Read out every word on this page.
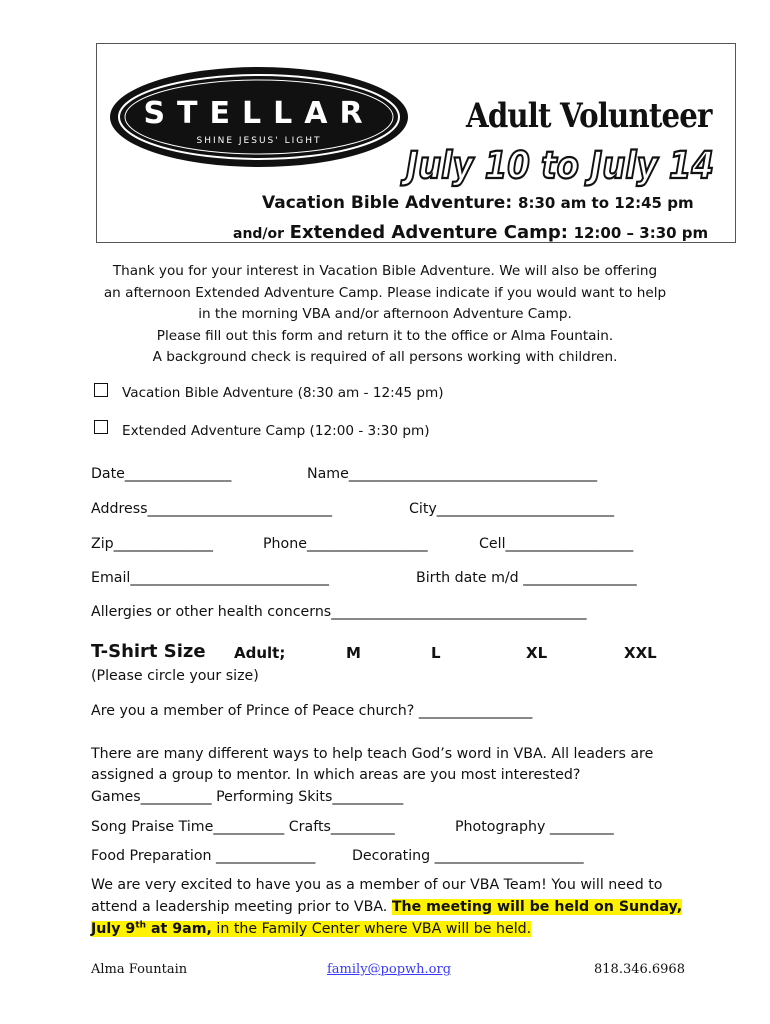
STELLAR
SHINE JESUS' LIGHT
Adult Volunteer
July 10 to July 14
Vacation Bible Adventure: 8:30 am to 12:45 pm
and/or Extended Adventure Camp: 12:00 – 3:30 pm
Thank you for your interest in Vacation Bible Adventure. We will also be offering
an afternoon Extended Adventure Camp. Please indicate if you would want to help
in the morning VBA and/or afternoon Adventure Camp.
Please fill out this form and return it to the office or Alma Fountain.
A background check is required of all persons working with children.
Vacation Bible Adventure (8:30 am - 12:45 pm)
Extended Adventure Camp (12:00 - 3:30 pm)
Date_______________	Name___________________________________
Address__________________________	City_________________________
Zip______________	Phone_________________	Cell__________________
Email____________________________	Birth date m/d ________________
Allergies or other health concerns____________________________________
T-Shirt Size Adult;	M	L	XL	XXL
(Please circle your size)
Are you a member of Prince of Peace church? ________________
There are many different ways to help teach God’s word in VBA. All leaders are
assigned a group to mentor. In which areas are you most interested?
Games__________ Performing Skits__________
Song Praise Time__________ Crafts_________	Photography _________
Food Preparation ______________	Decorating _____________________
We are very excited to have you as a member of our VBA Team! You will need to
attend a leadership meeting prior to VBA. The meeting will be held on Sunday,
July 9th at 9am, in the Family Center where VBA will be held.
Alma Fountain	family@popwh.org	818.346.6968
